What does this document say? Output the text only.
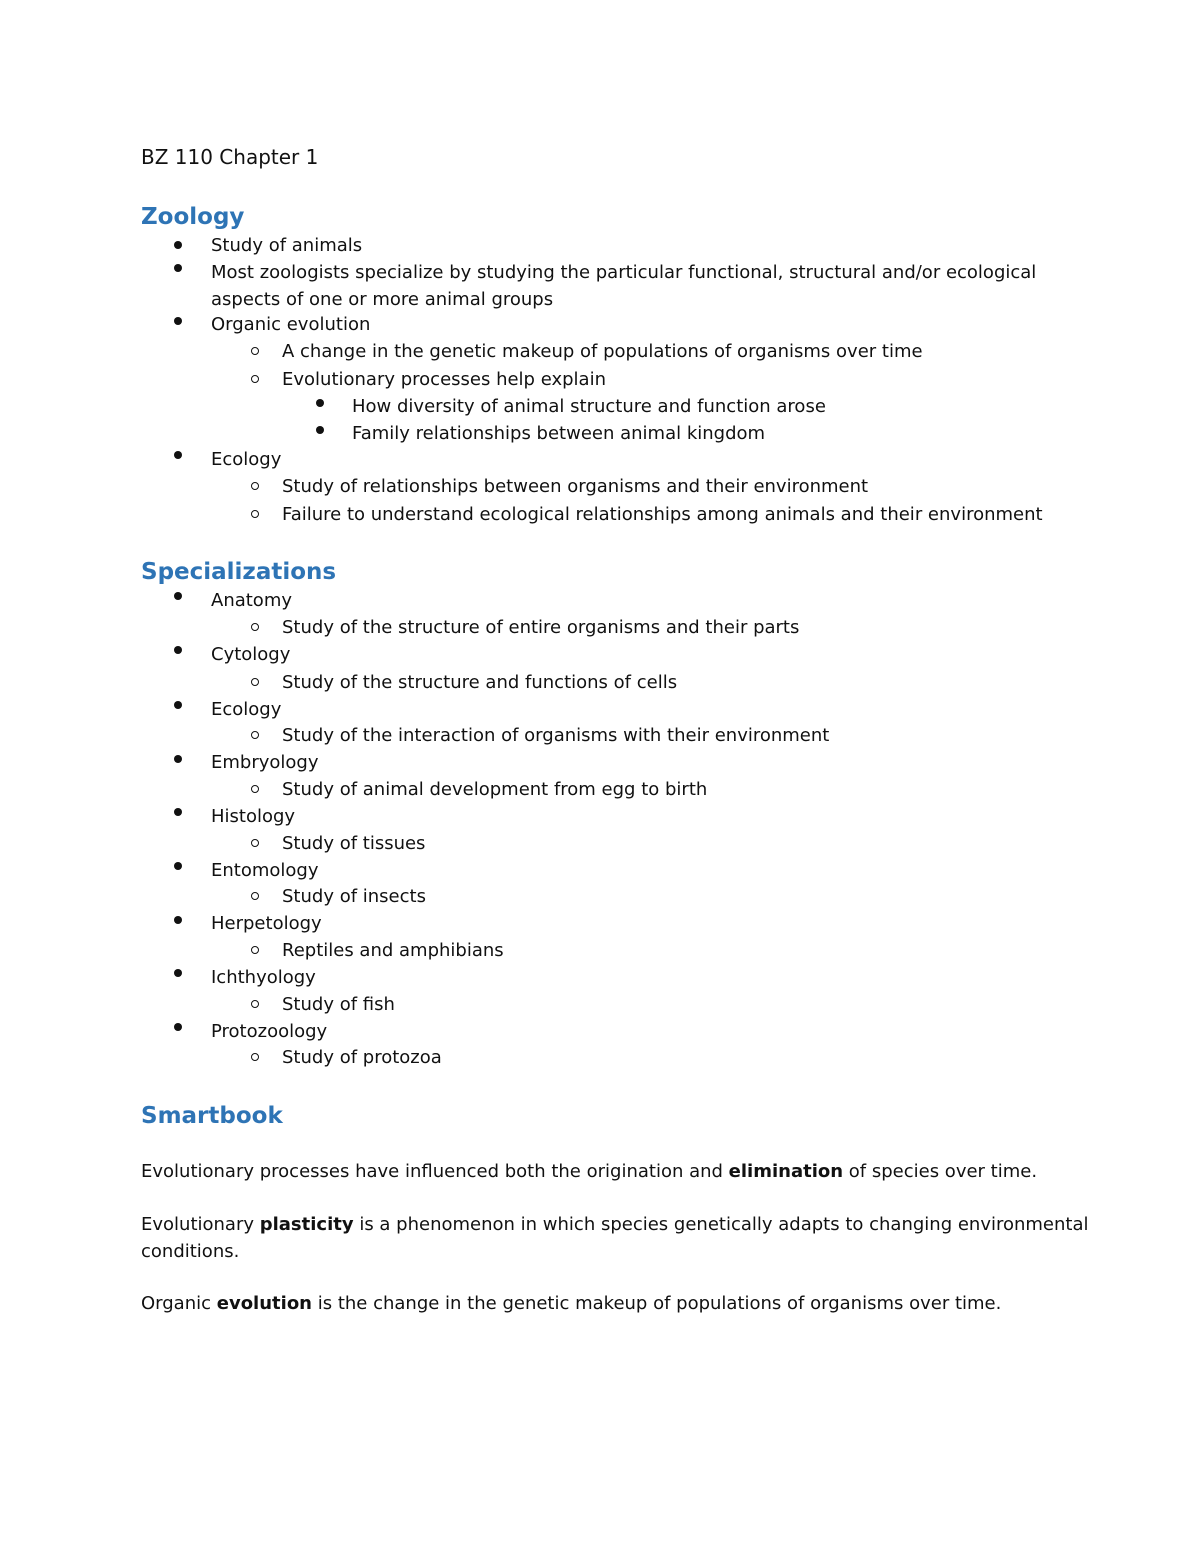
BZ 110 Chapter 1
Zoology
Study of animals
Most zoologists specialize by studying the particular functional, structural and/or ecological
aspects of one or more animal groups
Organic evolution
A change in the genetic makeup of populations of organisms over time
Evolutionary processes help explain
How diversity of animal structure and function arose
Family relationships between animal kingdom
Ecology
Study of relationships between organisms and their environment
Failure to understand ecological relationships among animals and their environment
Specializations
Anatomy
Study of the structure of entire organisms and their parts
Cytology
Study of the structure and functions of cells
Ecology
Study of the interaction of organisms with their environment
Embryology
Study of animal development from egg to birth
Histology
Study of tissues
Entomology
Study of insects
Herpetology
Reptiles and amphibians
Ichthyology
Study of fish
Protozoology
Study of protozoa
Smartbook
Evolutionary processes have influenced both the origination and elimination of species over time.
Evolutionary plasticity is a phenomenon in which species genetically adapts to changing environmental
conditions.
Organic evolution is the change in the genetic makeup of populations of organisms over time.
